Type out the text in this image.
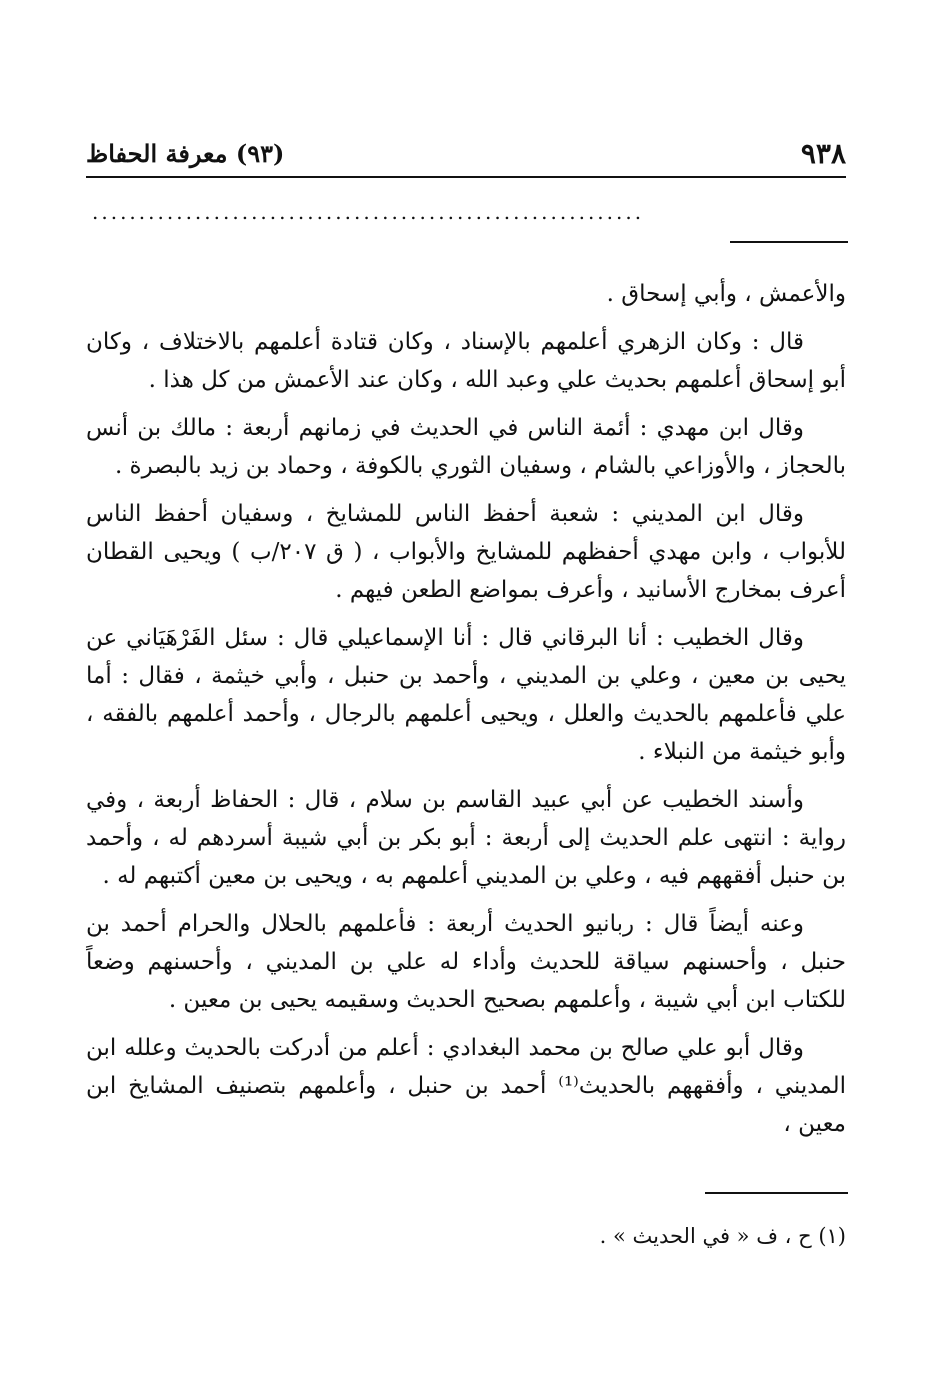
٩٣٨
(٩٣) معرفة الحفاظ
...........................................................

والأعمش ، وأبي إسحاق .

قال : وكان الزهري أعلمهم بالإسناد ، وكان قتادة أعلمهم بالاختلاف ، وكان أبو إسحاق أعلمهم بحديث علي وعبد الله ، وكان عند الأعمش من كل هذا .

وقال ابن مهدي : أئمة الناس في الحديث في زمانهم أربعة : مالك بن أنس بالحجاز ، والأوزاعي بالشام ، وسفيان الثوري بالكوفة ، وحماد بن زيد بالبصرة .

وقال ابن المديني : شعبة أحفظ الناس للمشايخ ، وسفيان أحفظ الناس للأبواب ، وابن مهدي أحفظهم للمشايخ والأبواب ، ( ق ٢٠٧/ب ) ويحيى القطان أعرف بمخارج الأسانيد ، وأعرف بمواضع الطعن فيهم .

وقال الخطيب : أنا البرقاني قال : أنا الإسماعيلي قال : سئل الفَرْهَيَاني عن يحيى بن معين ، وعلي بن المديني ، وأحمد بن حنبل ، وأبي خيثمة ، فقال : أما علي فأعلمهم بالحديث والعلل ، ويحيى أعلمهم بالرجال ، وأحمد أعلمهم بالفقه ، وأبو خيثمة من النبلاء .

وأسند الخطيب عن أبي عبيد القاسم بن سلام ، قال : الحفاظ أربعة ، وفي رواية : انتهى علم الحديث إلى أربعة : أبو بكر بن أبي شيبة أسردهم له ، وأحمد بن حنبل أفقههم فيه ، وعلي بن المديني أعلمهم به ، ويحيى بن معين أكتبهم له .

وعنه أيضاً قال : ربانيو الحديث أربعة : فأعلمهم بالحلال والحرام أحمد بن حنبل ، وأحسنهم سياقة للحديث وأداء له علي بن المديني ، وأحسنهم وضعاً للكتاب ابن أبي شيبة ، وأعلمهم بصحيح الحديث وسقيمه يحيى بن معين .

وقال أبو علي صالح بن محمد البغدادي : أعلم من أدركت بالحديث وعلله ابن المديني ، وأفقههم بالحديث⁽¹⁾ أحمد بن حنبل ، وأعلمهم بتصنيف المشايخ ابن معين ،

(١) ح ، ف « في الحديث » .
